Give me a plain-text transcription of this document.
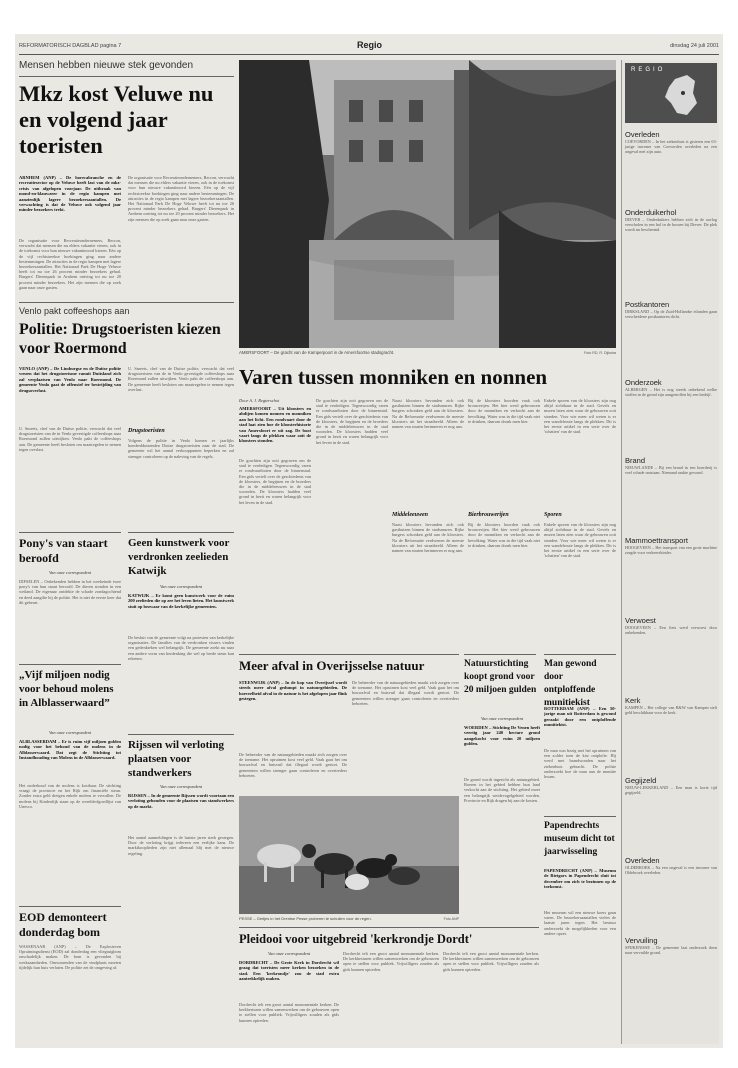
REFORMATORISCH DAGBLAD pagina 7	Regio	dinsdag 24 juli 2001
Mensen hebben nieuwe stek gevonden
Mkz kost Veluwe nu en volgend jaar toeristen
ARNHEM (ANP) – De horecabranche en de recreatiesector op de Veluwe heeft last van de mkz-crisis van afgelopen voorjaar. De uitbraak van mond-en-klauwzeer in de regio kampen met aanzienlijk lagere bezoekersaantallen. De verwachting is dat de Veluwe ook volgend jaar minder bezoekers trekt.
De organisatie voor Recreatieondernemers, Recron, verwacht dat mensen die nu elders vakantie vieren, ook in de toekomst voor hun nieuwe vakantieoord kiezen. Eén op de vijf rechtstreekse boekingen ging naar andere bestemmingen. De attracties in de regio kampen met lagere bezoekersaantallen. Het Nationaal Park De Hoge Veluwe heeft tot nu toe 26 procent minder bezoekers gehad. Burgers' Dierenpark in Arnhem ontving tot nu toe 20 procent minder bezoekers. Het zijn mensen die op zoek gaan naar onze gasten.
De organisatie voor Recreatieondernemers, Recron, verwacht dat mensen die nu elders vakantie vieren, ook in de toekomst voor hun nieuwe vakantieoord kiezen. Eén op de vijf rechtstreekse boekingen ging naar andere bestemmingen. De attracties in de regio kampen met lagere bezoekersaantallen. Het Nationaal Park De Hoge Veluwe heeft tot nu toe 26 procent minder bezoekers gehad. Burgers' Dierenpark in Arnhem ontving tot nu toe 20 procent minder bezoekers. Het zijn mensen die op zoek gaan naar onze gasten.
AMERSFOORT – De gracht van de Kamperpoort in de Amersfoortse stadsgracht.	Foto RD, R. Dijkstra
Varen tussen monniken en nonnen
Door A. J. Regterschot
AMERSFOORT – Uit kloosters en abdijen komen nonnen en monniken aan het licht. Een rondvaart door de stad laat zien hoe de kloosterhistorie van Amersfoort er uit zag. De boot vaart langs de plekken waar ooit de kloosters stonden.
De grachten zijn ooit gegraven om de stad te verdedigen. Tegenwoordig varen er rondvaartboten door de binnenstad. Een gids vertelt over de geschiedenis van de kloosters, de begijnen en de broeders die in de middeleeuwen in de stad woonden. De kloosters hadden veel grond in bezit en waren belangrijk voor het leven in de stad.
De grachten zijn ooit gegraven om de stad te verdedigen. Tegenwoordig varen er rondvaartboten door de binnenstad. Een gids vertelt over de geschiedenis van de kloosters, de begijnen en de broeders die in de middeleeuwen in de stad woonden. De kloosters hadden veel grond in bezit en waren belangrijk voor het leven in de stad.
Naast kloosters bevonden zich ook gasthuizen binnen de stadsmuren. Rijke burgers schonken geld aan de kloosters. Na de Reformatie verdwenen de meeste kloosters uit het straatbeeld. Alleen de namen van straten herinneren er nog aan.
Middeleeuwen
Naast kloosters bevonden zich ook gasthuizen binnen de stadsmuren. Rijke burgers schonken geld aan de kloosters. Na de Reformatie verdwenen de meeste kloosters uit het straatbeeld. Alleen de namen van straten herinneren er nog aan.
Bij de kloosters hoorden vaak ook brouwerijen. Het bier werd gebrouwen door de monniken en verkocht aan de bevolking. Water was in die tijd vaak niet te drinken, daarom dronk men bier.
Bierbrouwerijen
Bij de kloosters hoorden vaak ook brouwerijen. Het bier werd gebrouwen door de monniken en verkocht aan de bevolking. Water was in die tijd vaak niet te drinken, daarom dronk men bier.
Enkele sporen van de kloosters zijn nog altijd zichtbaar in de stad. Gevels en muren laten zien waar de gebouwen ooit stonden. Voor wie meer wil weten is er een wandelroute langs de plekken. Dit is het eerste artikel in een serie over de 'schatten' van de stad.
Sporen
Enkele sporen van de kloosters zijn nog altijd zichtbaar in de stad. Gevels en muren laten zien waar de gebouwen ooit stonden. Voor wie meer wil weten is er een wandelroute langs de plekken. Dit is het eerste artikel in een serie over de 'schatten' van de stad.
Venlo pakt coffeeshops aan
Politie: Drugstoeristen kiezen voor Roermond
VENLO (ANP) – De Limburgse en de Duitse politie vrezen dat het drugstoerisme vanuit Duitsland zich zal verplaatsen van Venlo naar Roermond. De gemeente Venlo gaat de offensief ter bestrijding van drugsoverlast.
U. Smeets, chef van de Duitse politie, verwacht dat veel drugstoeristen van de in Venlo gevestigde coffeeshops naar Roermond zullen uitwijken. Venlo pakt de coffeeshops aan. De gemeente heeft besloten om maatregelen te nemen tegen overlast.
U. Smeets, chef van de Duitse politie, verwacht dat veel drugstoeristen van de in Venlo gevestigde coffeeshops naar Roermond zullen uitwijken. Venlo pakt de coffeeshops aan. De gemeente heeft besloten om maatregelen te nemen tegen overlast.
Drugstoeristen
Volgens de politie in Venlo komen er jaarlijks honderdduizenden Duitse drugstoeristen naar de stad. De gemeente wil het aantal verkooppunten beperken en zal strenger controleren op de naleving van de regels.
Pony's van staart beroofd
Van onze correspondent
DIFSELEN – Onbekenden hebben in het weekeinde twee pony's van hun staart beroofd. De dieren stonden in een weiland. De eigenaar ontdekte de schade zondagochtend en deed aangifte bij de politie. Het is niet de eerste keer dat dit gebeurt.
Geen kunstwerk voor verdronken zeelieden Katwijk
Van onze correspondent
KATWIJK – Er komt geen kunstwerk voor de ruim 200 zeelieden die op zee het leven lieten. Het kunstwerk stuit op bezwaar van de kerkelijke gemeenten.
De besluit van de gemeente volgt na protesten van kerkelijke organisaties. De families van de verdronken vissers vinden een gedenkteken wel belangrijk. De gemeente zoekt nu naar een andere vorm van herdenking die wel op brede steun kan rekenen.
„Vijf miljoen nodig voor behoud molens in Alblasserwaard”
Van onze correspondent
ALBLASSERDAM – Er is ruim vijf miljoen gulden nodig voor het behoud van de molens in de Alblasserwaard. Dat zegt de Stichting tot Instandhouding van Molens in de Alblasserwaard.
Het onderhoud van de molens is kostbaar. De stichting vraagt de provincie en het Rijk om financiële steun. Zonder extra geld dreigen enkele molens te vervallen. De molens bij Kinderdijk staan op de werelderfgoedlijst van Unesco.
EOD demonteert donderdag bom
WASSENAAR (ANP) – De Explosieven Opruimingsdienst (EOD) zal donderdag een vliegtuigbom onschadelijk maken. De bom is gevonden bij werkzaamheden. Omwonenden van de vindplaats moeten tijdelijk hun huis verlaten. De politie zet de omgeving af.
Rijssen wil verloting plaatsen voor standwerkers
Van onze correspondent
RIJSSEN – In de gemeente Rijssen wordt voortaan een verloting gehouden voor de plaatsen van standwerkers op de markt.
Het aantal aanmeldingen is de laatste jaren sterk gestegen. Door de verloting krijgt iedereen een eerlijke kans. De marktkooplieden zijn niet allemaal blij met de nieuwe regeling.
Meer afval in Overijsselse natuur
STEENWIJK (ANP) – In de kop van Overijssel wordt steeds meer afval gedumpt in natuurgebieden. De hoeveelheid afval in de natuur is het afgelopen jaar flink gestegen.
De beheerder van de natuurgebieden maakt zich zorgen over de toename. Het opruimen kost veel geld. Vaak gaat het om bouwafval en huisvuil dat illegaal wordt gestort. De gemeenten willen strenger gaan controleren en overtreders beboeten.
De beheerder van de natuurgebieden maakt zich zorgen over de toename. Het opruimen kost veel geld. Vaak gaat het om bouwafval en huisvuil dat illegaal wordt gestort. De gemeenten willen strenger gaan controleren en overtreders beboeten.
PESSE – Geitjes in het Drentse Pesse proberen te schuilen voor de regen.	Foto ANP
Natuurstichting koopt grond voor 20 miljoen gulden
Van onze correspondent
WOERDEN – Stichting De Venen heeft veertig jaar 240 hectare grond aangekocht voor ruim 20 miljoen gulden.
De grond wordt ingericht als natuurgebied. Boeren in het gebied hebben hun land verkocht aan de stichting. Het gebied moet een belangrijk weidevogelgebied worden. Provincie en Rijk dragen bij aan de kosten.
Man gewond door ontploffende munitiekist
ROTTERDAM (ANP) – Een 50-jarige man uit Rotterdam is gewond geraakt door een ontploffende munitiekist.
De man was bezig met het opruimen van een zolder toen de kist ontplofte. Hij werd met brandwonden naar het ziekenhuis gebracht. De politie onderzoekt hoe de man aan de munitie kwam.
Papendrechts museum dicht tot jaarwisseling
PAPENDRECHT (ANP) – Museum de Rietgors in Papendrecht sluit tot december om zich te bezinnen op de toekomst.
Het museum wil een nieuwe koers gaan varen. De bezoekersaantallen vielen de laatste jaren tegen. Het bestuur onderzoekt de mogelijkheden voor een andere opzet.
Pleidooi voor uitgebreid 'kerkrondje Dordt'
Van onze correspondent
DORDRECHT – De Grote Kerk in Dordrecht wil graag dat toeristen meer kerken bezoeken in de stad. Een 'kerkrondje' zou de stad extra aantrekkelijk maken.
Dordrecht telt een groot aantal monumentale kerken. De kerkbesturen willen samenwerken om de gebouwen open te stellen voor publiek. Vrijwilligers zouden als gids kunnen optreden.
Dordrecht telt een groot aantal monumentale kerken. De kerkbesturen willen samenwerken om de gebouwen open te stellen voor publiek. Vrijwilligers zouden als gids kunnen optreden.
Dordrecht telt een groot aantal monumentale kerken. De kerkbesturen willen samenwerken om de gebouwen open te stellen voor publiek. Vrijwilligers zouden als gids kunnen optreden.
REGIO
Overleden
COEVORDEN – In het ziekenhuis is gisteren een 63-jarige inwoner van Coevorden overleden na een ongeval met zijn auto.
Onderduikerhol
DIEVER – Onderduikers hebben zich in de oorlog verscholen in een hol in de bossen bij Diever. De plek wordt nu beschermd.
Postkantoren
DIRKSLAND – Op de Zuid-Hollandse eilanden gaan verscheidene postkantoren dicht.
Onderzoek
ALBERGEN – Het is nog steeds onbekend welke stoffen in de grond zijn aangetroffen bij een bedrijf.
Brand
NIEUWLANDE – Bij een brand in een boerderij is veel schade ontstaan. Niemand raakte gewond.
Mammoettransport
HOOGEVEEN – Het transport van een grote machine zorgde voor verkeershinder.
Verwoest
DOOGEVEEN – Een fiets werd verwoest door onbekenden.
Kerk
KAMPEN – Het college van B&W van Kampen stelt geld beschikbaar voor de kerk.
Gegijzeld
NIEUW-LEKKERLAND – Een man is korte tijd gegijzeld.
Overleden
OLDEBROEK – Na een ongeval is een inwoner van Oldebroek overleden.
Vervuiling
SPIJKENISSE – De gemeente laat onderzoek doen naar vervuilde grond.
